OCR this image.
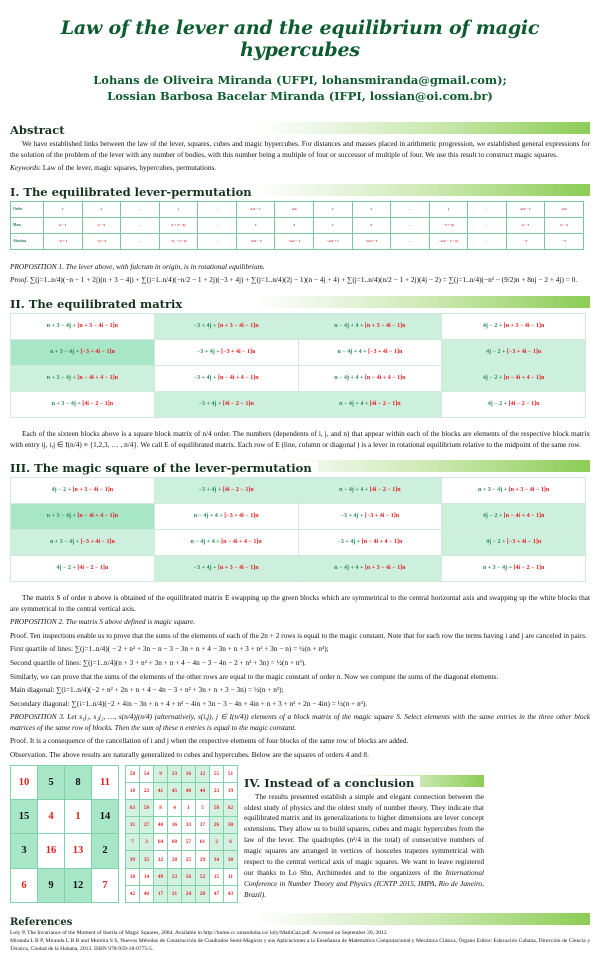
Law of the lever and the equilibrium of magic hypercubes
Lohans de Oliveira Miranda (UFPI, lohansmiranda@gmail.com);
Lossian Barbosa Bacelar Miranda (IFPI, lossian@oi.com.br)
Abstract

We have established links between the law of the lever, squares, cubes and magic hypercubes. For distances and masses placed in arithmetic progression, we established general expressions for the solution of the problem of the lever with any number of bodies, with this number being a multiple of four or successor of multiple of four. We use this result to construct magic squares.

Keywords: Law of the lever, magic squares, hypercubes, permutations.

I. The equilibrated lever-permutation
Order	1	2	…	j	…	n/4 − 1	n/4	1	2	…	j	…	n/4 − 1	n/4
Mass	n − 1	n − 5	…	n + 3 − 4j	…	7	3	1	5	…	−3 + 4j	…	n − 7	n − 3
Abscissa	−n + 1	−n + 3	…	−n − 1 + 2j	…	−n/2 − 3	−n/2 − 1	−n/2 + 1	−n/2 + 3	…	−n/2 − 1 + 2j	…	−3	−1

PROPOSITION 1. The lever above, with fulcrum in origin, is in rotational equilibrium.

Proof. ∑(j=1..n/4)(−n − 1 + 2j)(n + 3 − 4j) + ∑(j=1..n/4)(−n/2 − 1 + 2j)(−3 + 4j) + ∑(j=1..n/4)(2j − 1)(n − 4j + 4) + ∑(j=1..n/4)(n/2 − 1 + 2j)(4j − 2) = ∑(j=1..n/4)(−n² − (9/2)n + 8nj − 2 + 4j) = 0.

II. The equilibrated matrix
n + 3 − 4j + [n + 3 − 4i − 1]n	−3 + 4j + [n + 3 − 4i − 1]n	n − 4j + 4 + [n + 3 − 4i − 1]n	4j − 2 + [n + 3 − 4i − 1]n
n + 3 − 4j + [−3 + 4i − 1]n	−3 + 4j + [−3 + 4i − 1]n	n − 4j + 4 + [−3 + 4i − 1]n	4j − 2 + [−3 + 4i − 1]n
n + 3 − 4j + [n − 4i + 4 − 1]n	−3 + 4j + [n − 4i + 4 − 1]n	n − 4j + 4 + [n − 4i + 4 − 1]n	4j − 2 + [n − 4i + 4 − 1]n
n + 3 − 4j + [4i − 2 − 1]n	−3 + 4j + [4i − 2 − 1]n	n − 4j + 4 + [4i − 2 − 1]n	4j − 2 + [4i − 2 − 1]n

Each of the sixteen blocks above is a square block matrix of n/4 order. The numbers (dependents of i, j, and n) that appear within each of the blocks are elements of the respective block matrix with entry ij, i,j ∈ I(n/4) ≡ {1,2,3, … , n/4}. We call E of equilibrated matrix. Each row of E (line, column or diagonal ) is a lever in rotational equilibrium relative to the midpoint of the same row.

III. The magic square of the lever-permutation
4j − 2 + [n + 3 − 4i − 1]n	−3 + 4j + [4i − 2 − 1]n	n − 4j + 4 + [4i − 2 − 1]n	n + 3 − 4j + [n + 3 − 4i − 1]n
n + 3 − 4j + [n − 4i + 4 − 1]n	n − 4j + 4 + [−3 + 4i − 1]n	−3 + 4j + [−3 + 4i − 1]n	4j − 2 + [n − 4i + 4 − 1]n
n + 3 − 4j + [−3 + 4i − 1]n	n − 4j + 4 + [n − 4i + 4 − 1]n	−3 + 4j + [n − 4i + 4 − 1]n	4j − 2 + [−3 + 4i − 1]n
4j − 2 + [4i − 2 − 1]n	−3 + 4j + [n + 3 − 4i − 1]n	n − 4j + 4 + [n + 3 − 4i − 1]n	n + 3 − 4j + [4i − 2 − 1]n

The matrix S of order n above is obtained of the equilibrated matrix E swapping up the green blocks which are symmetrical to the central horizontal axis and swapping up the white blocks that are symmetrical to the central vertical axis.

PROPOSITION 2. The matrix S above defined is magic square.

Proof. Ten inspections enable us to prove that the sums of the elements of each of the 2n + 2 rows is equal to the magic constant. Note that for each row the terms having i and j are canceled in pairs.

First quartile of lines: ∑(j=1..n/4)( − 2 + n² + 3n − n − 3 − 3n + n + 4 − 3n + n + 3 + n² + 3n − n) = ½(n + n³);

Second quartile of lines: ∑(j=1..n/4)(n + 3 + n² + 3n + n + 4 − 4n − 3 − 4n − 2 + n² + 3n) = ½(n + n³).

Similarly, we can prove that the sums of the elements of the other rows are equal to the magic constant of order n. Now we compute the sums of the diagonal elements.

Main diagonal: ∑(i=1..n/4)(−2 + n² + 2n + n + 4 − 4n − 3 + n² + 3n + n + 3 − 3n) = ½(n + n³);

Secondary diagonal: ∑(i=1..n/4)(−2 + 4in − 3n + n + 4 + n² − 4in + 3n − 3 − 4n + 4in + n + 3 + n² + 2n − 4in) = ½(n + n³).

PROPOSITION 3. Let s₁j₁, s₂j₂, …, s(n/4)j(n/4) (alternatively, s(i,j), j ∈ I(n/4)) elements of a block matrix of the magic square S. Select elements with the same entries in the three other block matrices of the same row of blocks. Then the sum of these n entries is equal to the magic constant.

Proof. It is a consequence of the cancellation of i and j when the respective elements of four blocks of the same row of blocks are added.

Observation. The above results are naturally generalized to cubes and hypercubes. Below are the squares of orders 4 and 8.

10	5	8	11
15	4	1	14
3	16	13	2
6	9	12	7
50	54	9	13	16	12	55	51
18	22	41	45	48	44	23	19
63	59	8	4	1	5	58	62
31	27	40	36	33	37	26	30
7	3	64	60	57	61	2	6
39	35	32	28	25	29	34	38
10	14	49	53	56	52	15	11
42	46	17	21	24	20	47	43
IV. Instead of a conclusion

The results presented establish a simple and elegant connection between the oldest study of physics and the oldest study of number theory. They indicate that equilibrated matrix and its generalizations to higher dimensions are lever concept extensions. They allow us to build squares, cubes and magic hypercubes from the law of the lever. The quadruples (n²/4 in the total) of consecutive numbers of magic squares are arranged in vertices of isosceles trapezes symmetrical with respect to the central vertical axis of magic squares. We want to leave registered our thanks to Lo Shu, Archimedes and to the organizers of the International Conference in Number Theory and Physics (ICNTP 2015, IMPA, Rio de Janeiro, Brazil).

References

Loly P, The Invariance of the Moment of Inertia of Magic Squares, 2004. Available in http://home.cc.umanitoba.ca/ loly/MathGaz.pdf. Accessed on September 20, 2012.

Miranda L B P, Miranda L B B and Moreira S S, Nuevos Métodos de Construcción de Cuadrados Semi-Magicos y sus Aplicaciones a la Enseñanza de Matemática Computacional y Mecánica Clásica, Órgano Editor: Educación Cubana, Dirección de Ciencia y Técnica, Ciudad de la Habana, 2013. ISBN 978-959-18-0775-5.
